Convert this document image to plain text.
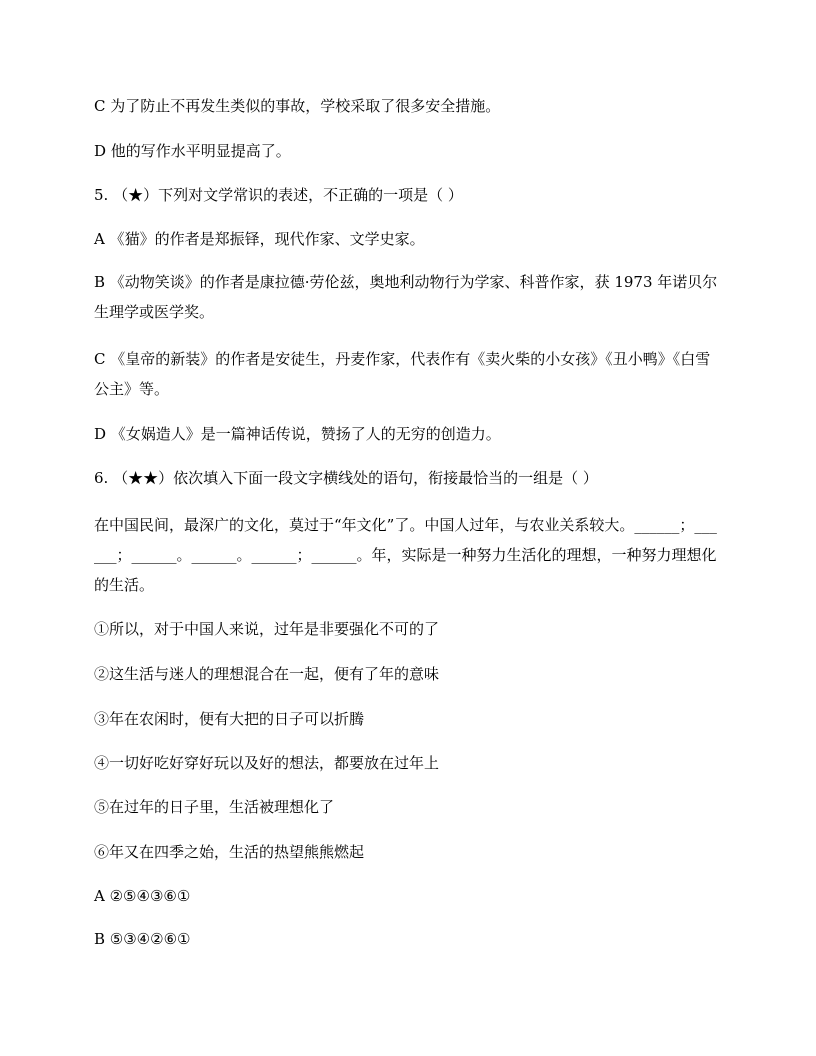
C 为了防止不再发生类似的事故，学校采取了很多安全措施。
D 他的写作水平明显提高了。
5. （★）下列对文学常识的表述，不正确的一项是（ ）
A 《猫》的作者是郑振铎，现代作家、文学史家。
B 《动物笑谈》的作者是康拉德·劳伦兹，奥地利动物行为学家、科普作家，获 1973 年诺贝尔生理学或医学奖。
C 《皇帝的新装》的作者是安徒生，丹麦作家，代表作有《卖火柴的小女孩》《丑小鸭》《白雪公主》等。
D 《女娲造人》是一篇神话传说，赞扬了人的无穷的创造力。
6. （★★）依次填入下面一段文字横线处的语句，衔接最恰当的一组是（ ）
在中国民间，最深广的文化，莫过于“年文化”了。中国人过年，与农业关系较大。______；______；______。______。______；______。年，实际是一种努力生活化的理想，一种努力理想化的生活。
①所以，对于中国人来说，过年是非要强化不可的了
②这生活与迷人的理想混合在一起，便有了年的意味
③年在农闲时，便有大把的日子可以折腾
④一切好吃好穿好玩以及好的想法，都要放在过年上
⑤在过年的日子里，生活被理想化了
⑥年又在四季之始，生活的热望熊熊燃起
A ②⑤④③⑥①
B ⑤③④②⑥①
